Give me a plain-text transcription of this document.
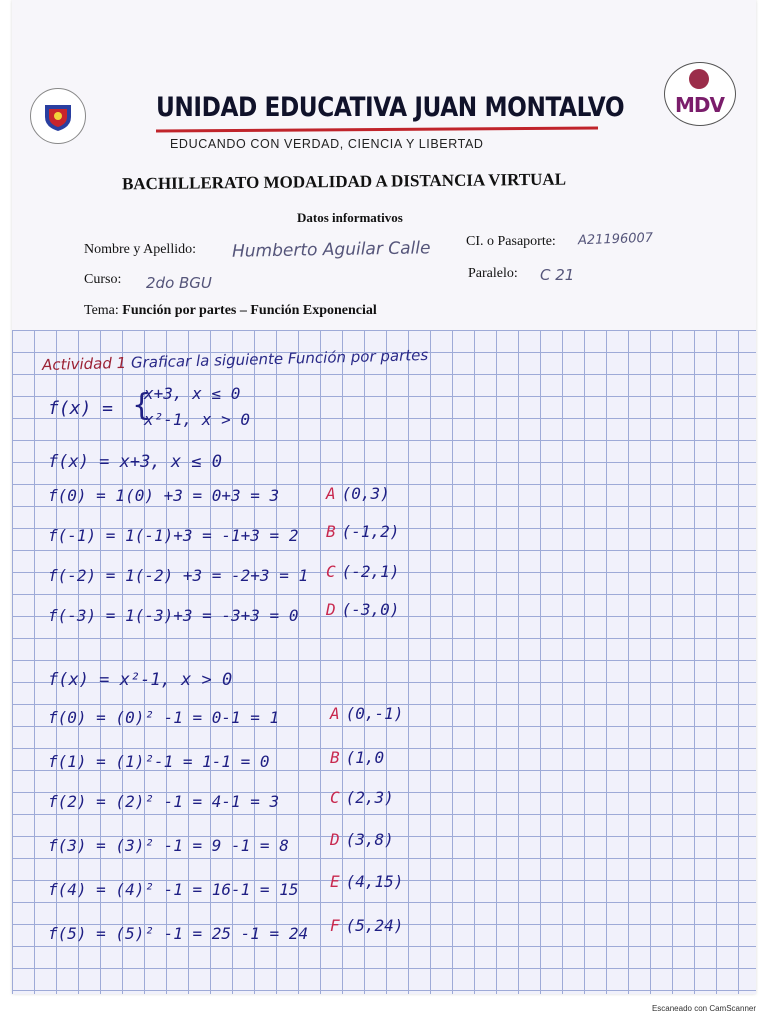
MDV
UNIDAD EDUCATIVA JUAN MONTALVO
EDUCANDO CON VERDAD, CIENCIA Y LIBERTAD
BACHILLERATO MODALIDAD A DISTANCIA VIRTUAL
Datos informativos
Nombre y Apellido: Humberto Aguilar Calle	CI. o Pasaporte: A21196007
Curso: 2do BGU
Paralelo: C 21
Tema: Función por partes – Función Exponencial
Actividad 1 Graficar la siguiente Función por partes
f(x) = {
x+3, x ≤ 0
x²-1, x > 0
f(x) = x+3, x ≤ 0
f(0) = 1(0) +3 = 0+3 = 3	A (0,3)
f(-1) = 1(-1)+3 = -1+3 = 2 B (-1,2)
f(-2) = 1(-2) +3 = -2+3 = 1 C (-2,1)
f(-3) = 1(-3)+3 = -3+3 = 0 D (-3,0)
f(x) = x²-1, x > 0
f(0) = (0)² -1 = 0-1 = 1	A (0,-1)
f(1) = (1)²-1 = 1-1 = 0	B (1,0
f(2) = (2)² -1 = 4-1 = 3	C (2,3)
f(3) = (3)² -1 = 9 -1 = 8	D (3,8)
f(4) = (4)² -1 = 16-1 = 15 E (4,15)
f(5) = (5)² -1 = 25 -1 = 24 F (5,24)
Escaneado con CamScanner
